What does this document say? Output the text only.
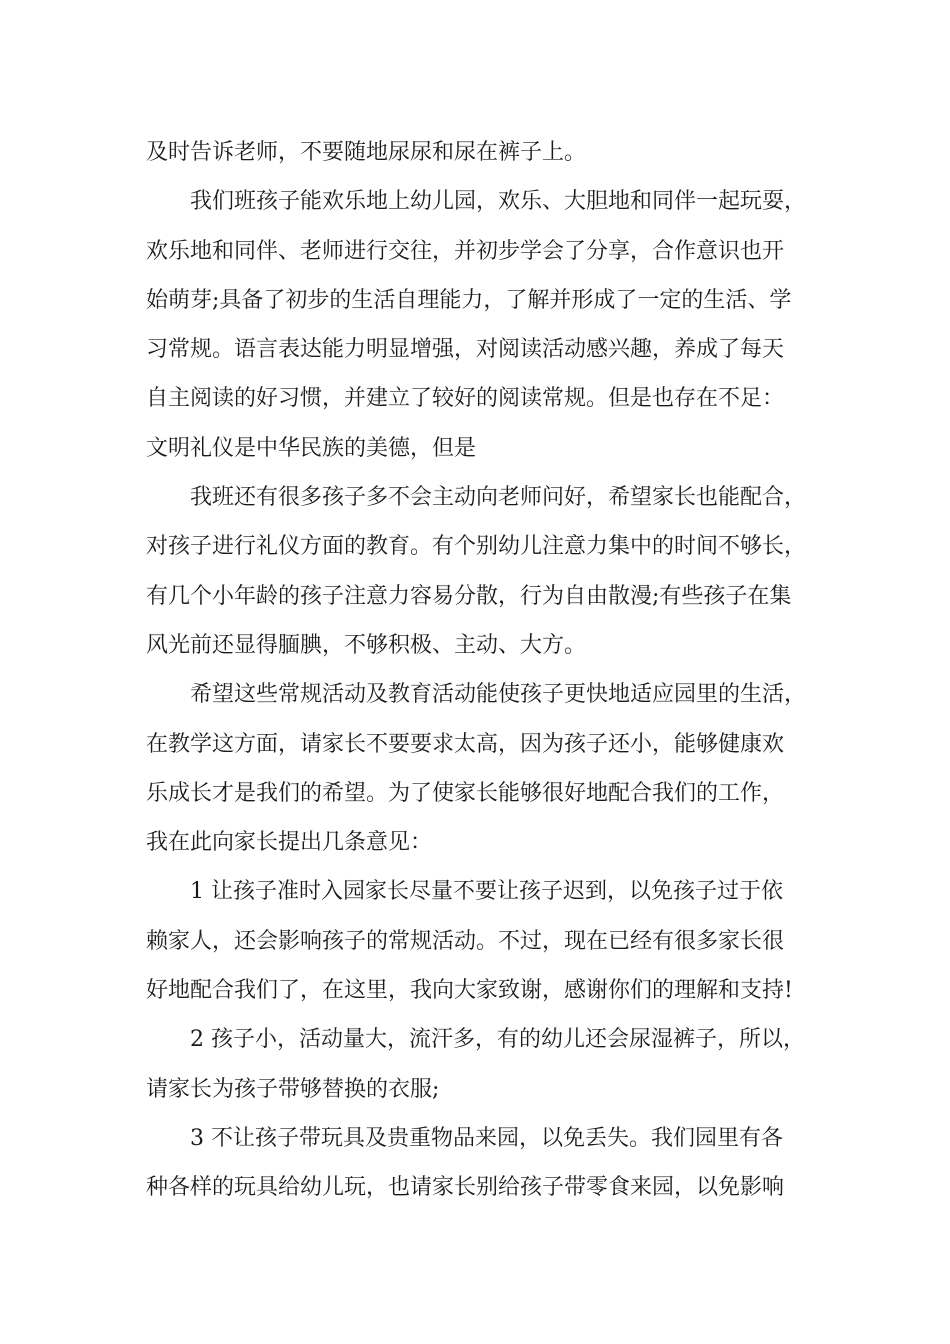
及时告诉老师，不要随地尿尿和尿在裤子上。
我们班孩子能欢乐地上幼儿园，欢乐、大胆地和同伴一起玩耍，
欢乐地和同伴、老师进行交往，并初步学会了分享，合作意识也开
始萌芽;具备了初步的生活自理能力，了解并形成了一定的生活、学
习常规。语言表达能力明显增强，对阅读活动感兴趣，养成了每天
自主阅读的好习惯，并建立了较好的阅读常规。但是也存在不足：
文明礼仪是中华民族的美德，但是
我班还有很多孩子多不会主动向老师问好，希望家长也能配合，
对孩子进行礼仪方面的教育。有个别幼儿注意力集中的时间不够长，
有几个小年龄的孩子注意力容易分散，行为自由散漫;有些孩子在集
风光前还显得腼腆，不够积极、主动、大方。
希望这些常规活动及教育活动能使孩子更快地适应园里的生活，
在教学这方面，请家长不要要求太高，因为孩子还小，能够健康欢
乐成长才是我们的希望。为了使家长能够很好地配合我们的工作，
我在此向家长提出几条意见：
1 让孩子准时入园家长尽量不要让孩子迟到，以免孩子过于依
赖家人，还会影响孩子的常规活动。不过，现在已经有很多家长很
好地配合我们了，在这里，我向大家致谢，感谢你们的理解和支持!
2 孩子小，活动量大，流汗多，有的幼儿还会尿湿裤子，所以，
请家长为孩子带够替换的衣服;
3 不让孩子带玩具及贵重物品来园，以免丢失。我们园里有各
种各样的玩具给幼儿玩，也请家长别给孩子带零食来园，以免影响
